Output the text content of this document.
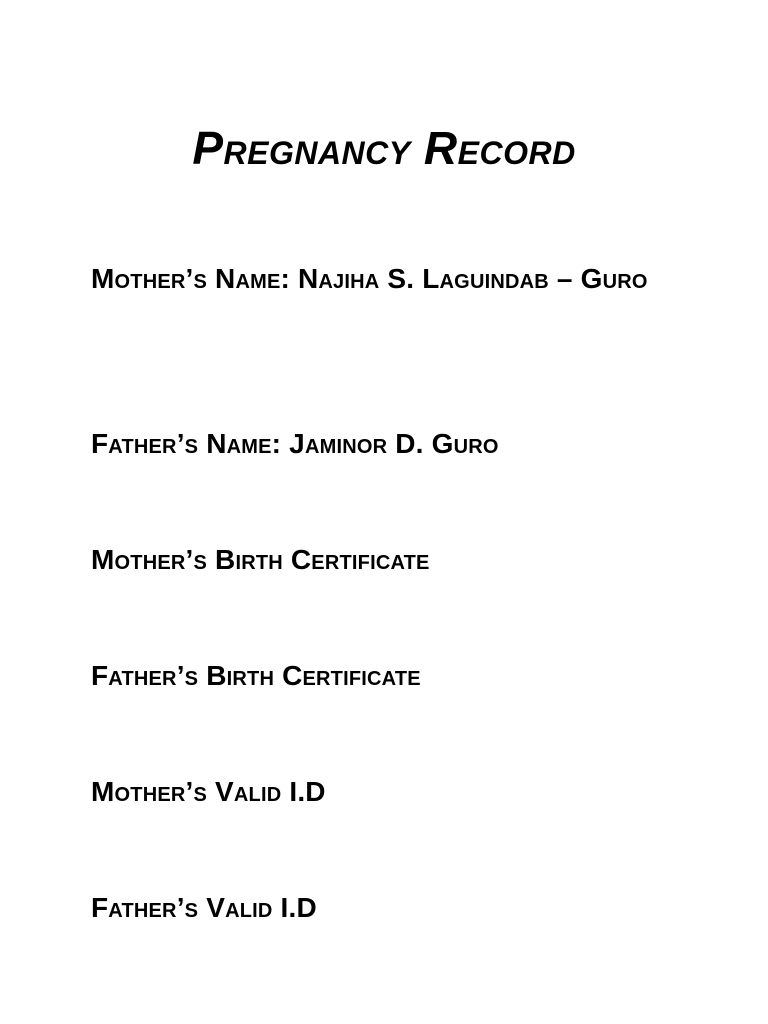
Pregnancy Record

Mother’s Name: Najiha S. Laguindab – Guro

Father’s Name: Jaminor D. Guro

Mother’s Birth Certificate

Father’s Birth Certificate

Mother’s Valid I.D

Father’s Valid I.D
